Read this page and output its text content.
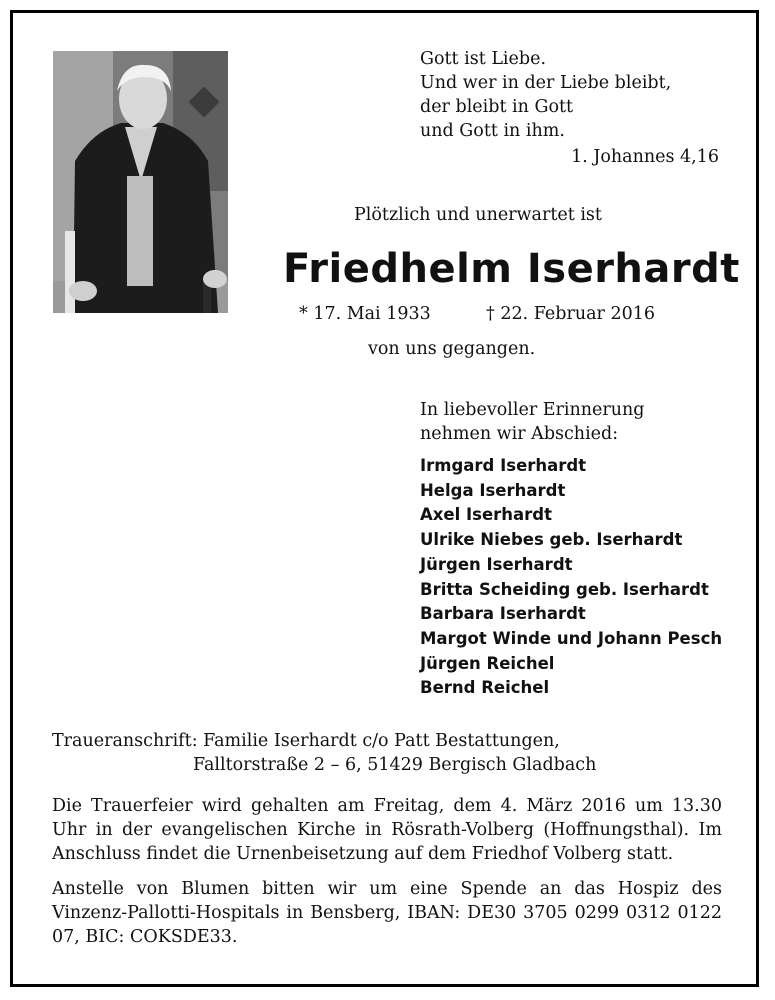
Gott ist Liebe.
Und wer in der Liebe bleibt,
der bleibt in Gott
und Gott in ihm.
1. Johannes 4,16
Plötzlich und unerwartet ist
Friedhelm Iserhardt
* 17. Mai 1933	† 22. Februar 2016
von uns gegangen.
In liebevoller Erinnerung
nehmen wir Abschied:
Irmgard Iserhardt
Helga Iserhardt
Axel Iserhardt
Ulrike Niebes geb. Iserhardt
Jürgen Iserhardt
Britta Scheiding geb. Iserhardt
Barbara Iserhardt
Margot Winde und Johann Pesch
Jürgen Reichel
Bernd Reichel
Traueranschrift: Familie Iserhardt c/o Patt Bestattungen,
Falltorstraße 2 – 6, 51429 Bergisch Gladbach

Die Trauerfeier wird gehalten am Freitag, dem 4. März 2016 um 13.30 Uhr in der evangelischen Kirche in Rösrath-Volberg (Hoffnungsthal). Im Anschluss findet die Urnenbeisetzung auf dem Friedhof Volberg statt.

Anstelle von Blumen bitten wir um eine Spende an das Hospiz des Vinzenz-Pallotti-Hospitals in Bensberg, IBAN: DE30 3705 0299 0312 0122 07, BIC: COKSDE33.
